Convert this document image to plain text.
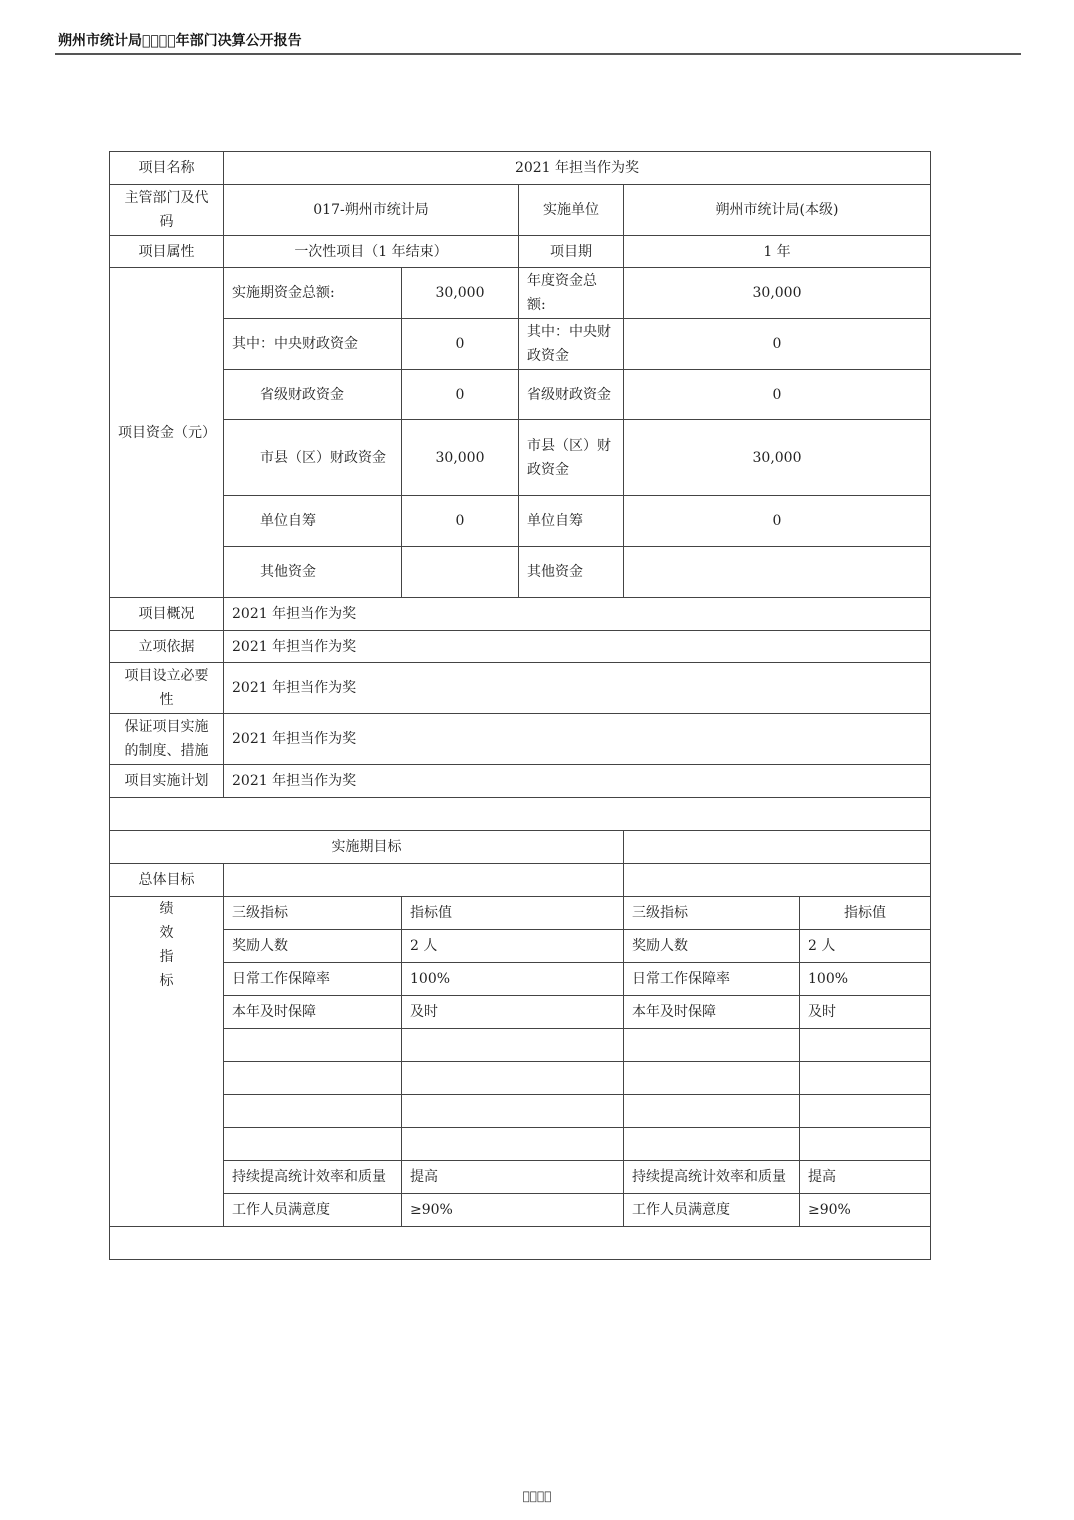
朔州市统计局    年部门决算公开报告
项目名称	2021 年担当作为奖				
主管部门及代码	017-朔州市统计局		实施单位	朔州市统计局(本级)	
项目属性	一次性项目（1 年结束）		项目期	1 年	
项目资金（元）	实施期资金总额:	30,000	年度资金总额:	30,000	
	其中：中央财政资金	0	其中：中央财政资金	0	
	省级财政资金	0	省级财政资金	0	
	市县（区）财政资金	30,000	市县（区）财政资金	30,000	
	单位自筹	0	单位自筹	0	
	其他资金		其他资金		
项目概况	2021 年担当作为奖				
立项依据	2021 年担当作为奖				
项目设立必要性	2021 年担当作为奖				
保证项目实施的制度、措施	2021 年担当作为奖				
项目实施计划	2021 年担当作为奖				

实施期目标					
总体目标					
绩效指标	三级指标	指标值		三级指标	指标值
	奖励人数	2 人		奖励人数	2 人
	日常工作保障率	100%		日常工作保障率	100%
	本年及时保障	及时		本年及时保障	及时

	持续提高统计效率和质量	提高		持续提高统计效率和质量	提高
	工作人员满意度	≥90%		工作人员满意度	≥90%

    
